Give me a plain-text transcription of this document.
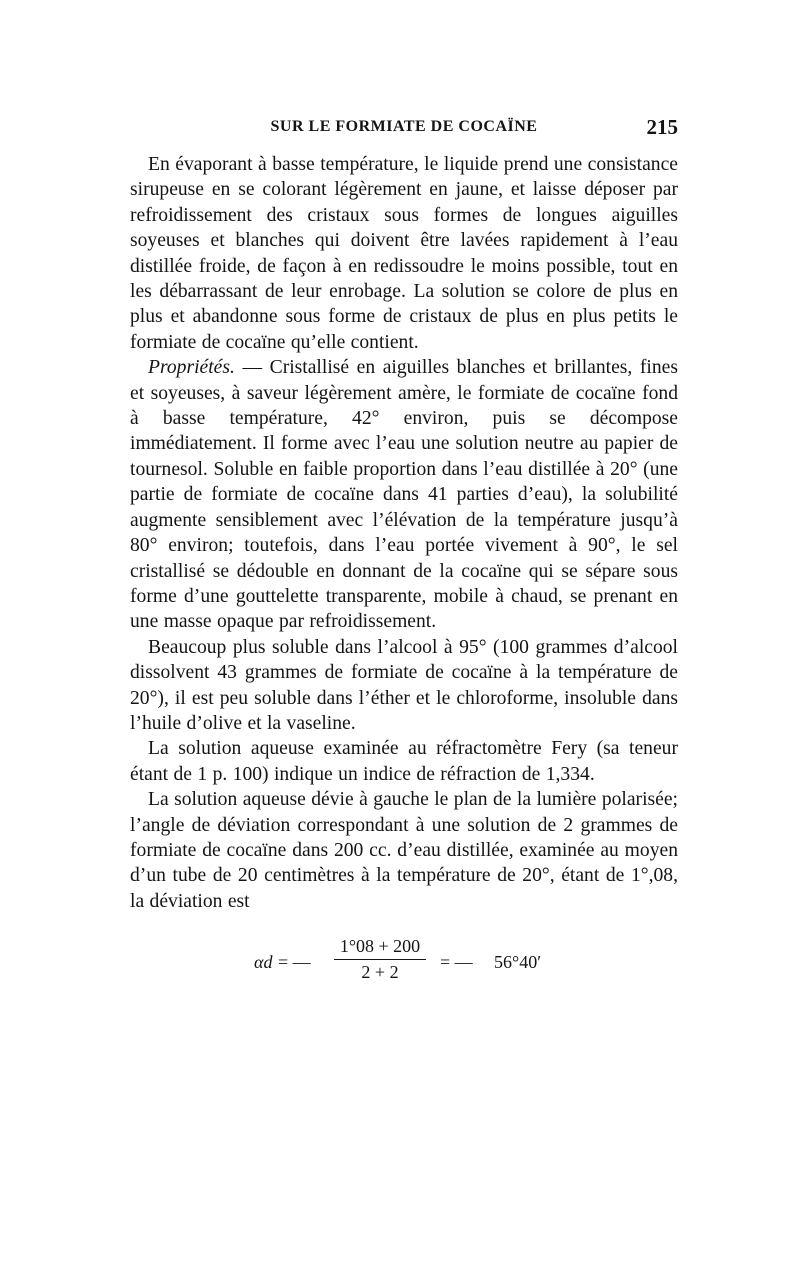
SUR LE FORMIATE DE COCAÏNE	215

En évaporant à basse température, le liquide prend une consistance sirupeuse en se colorant légèrement en jaune, et laisse déposer par refroidissement des cristaux sous formes de longues aiguilles soyeuses et blanches qui doivent être lavées rapidement à l’eau distillée froide, de façon à en redissoudre le moins possible, tout en les débarrassant de leur enrobage. La solution se colore de plus en plus et abandonne sous forme de cristaux de plus en plus petits le formiate de cocaïne qu’elle contient.

Propriétés. — Cristallisé en aiguilles blanches et brillantes, fines et soyeuses, à saveur légèrement amère, le formiate de cocaïne fond à basse température, 42° environ, puis se décompose immédiatement. Il forme avec l’eau une solution neutre au papier de tournesol. Soluble en faible proportion dans l’eau distillée à 20° (une partie de formiate de cocaïne dans 41 parties d’eau), la solubilité augmente sensiblement avec l’élévation de la température jusqu’à 80° environ; toutefois, dans l’eau portée vivement à 90°, le sel cristallisé se dédouble en donnant de la cocaïne qui se sépare sous forme d’une gouttelette transparente, mobile à chaud, se prenant en une masse opaque par refroidissement.

Beaucoup plus soluble dans l’alcool à 95° (100 grammes d’alcool dissolvent 43 grammes de formiate de cocaïne à la température de 20°), il est peu soluble dans l’éther et le chloroforme, insoluble dans l’huile d’olive et la vaseline.

La solution aqueuse examinée au réfractomètre Fery (sa teneur étant de 1 p. 100) indique un indice de réfraction de 1,334.

La solution aqueuse dévie à gauche le plan de la lumière polarisée; l’angle de déviation correspondant à une solution de 2 grammes de formiate de cocaïne dans 200 cc. d’eau distillée, examinée au moyen d’un tube de 20 centimètres à la température de 20°, étant de 1°,08, la déviation est

αd = — $\frac{1^\circ 08 + 200}{2 + 2}$ = — 56°40′
